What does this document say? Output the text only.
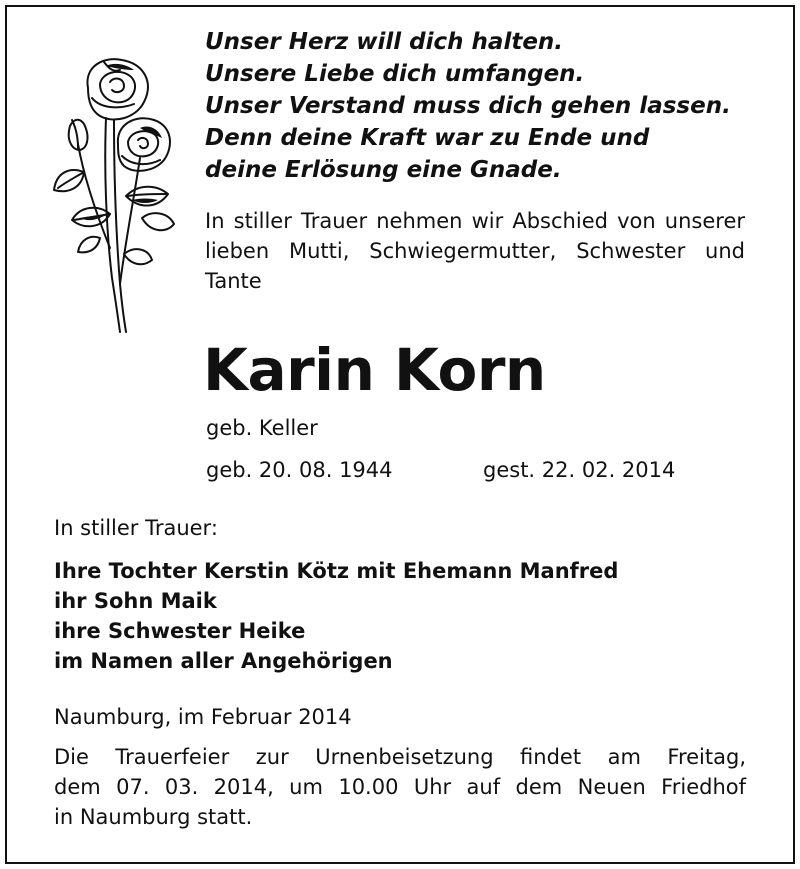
Unser Herz will dich halten.
Unsere Liebe dich umfangen.
Unser Verstand muss dich gehen lassen.
Denn deine Kraft war zu Ende und
deine Erlösung eine Gnade.

In stiller Trauer nehmen wir Abschied von unserer lieben Mutti, Schwiegermutter, Schwester und Tante

Karin Korn
geb. Keller
geb. 20. 08. 1944	gest. 22. 02. 2014
In stiller Trauer:
Ihre Tochter Kerstin Kötz mit Ehemann Manfred
ihr Sohn Maik
ihre Schwester Heike
im Namen aller Angehörigen
Naumburg, im Februar 2014
Die Trauerfeier zur Urnenbeisetzung findet am Freitag,
dem 07. 03. 2014, um 10.00 Uhr auf dem Neuen Friedhof
in Naumburg statt.
